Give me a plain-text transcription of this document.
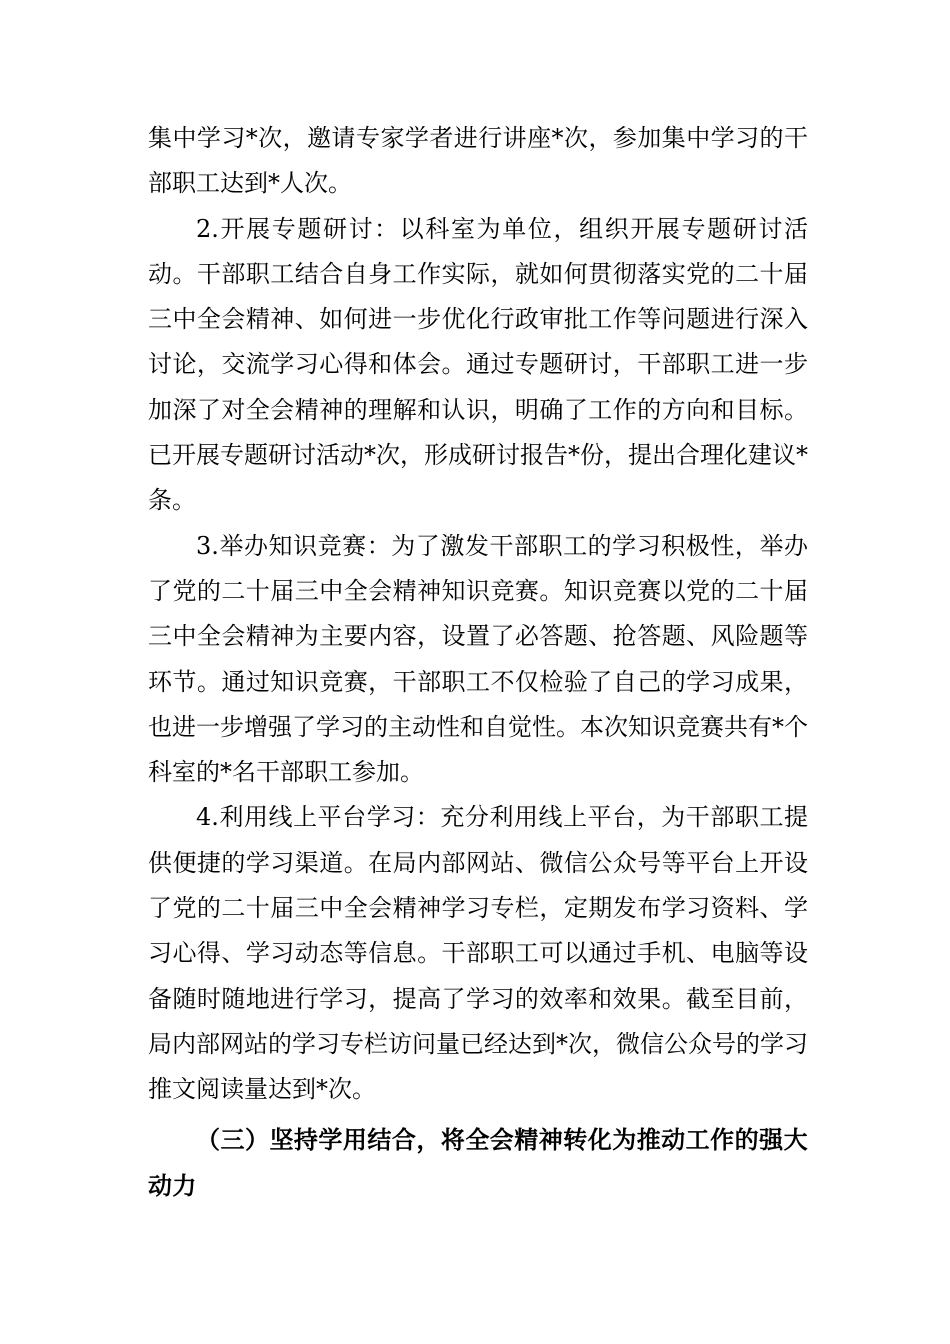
集中学习*次，邀请专家学者进行讲座*次，参加集中学习的干部职工达到*人次。

2.开展专题研讨：以科室为单位，组织开展专题研讨活动。干部职工结合自身工作实际，就如何贯彻落实党的二十届三中全会精神、如何进一步优化行政审批工作等问题进行深入讨论，交流学习心得和体会。通过专题研讨，干部职工进一步加深了对全会精神的理解和认识，明确了工作的方向和目标。已开展专题研讨活动*次，形成研讨报告*份，提出合理化建议*条。

3.举办知识竞赛：为了激发干部职工的学习积极性，举办了党的二十届三中全会精神知识竞赛。知识竞赛以党的二十届三中全会精神为主要内容，设置了必答题、抢答题、风险题等环节。通过知识竞赛，干部职工不仅检验了自己的学习成果，也进一步增强了学习的主动性和自觉性。本次知识竞赛共有*个科室的*名干部职工参加。

4.利用线上平台学习：充分利用线上平台，为干部职工提供便捷的学习渠道。在局内部网站、微信公众号等平台上开设了党的二十届三中全会精神学习专栏，定期发布学习资料、学习心得、学习动态等信息。干部职工可以通过手机、电脑等设备随时随地进行学习，提高了学习的效率和效果。截至目前，局内部网站的学习专栏访问量已经达到*次，微信公众号的学习推文阅读量达到*次。

（三）坚持学用结合，将全会精神转化为推动工作的强大动力
